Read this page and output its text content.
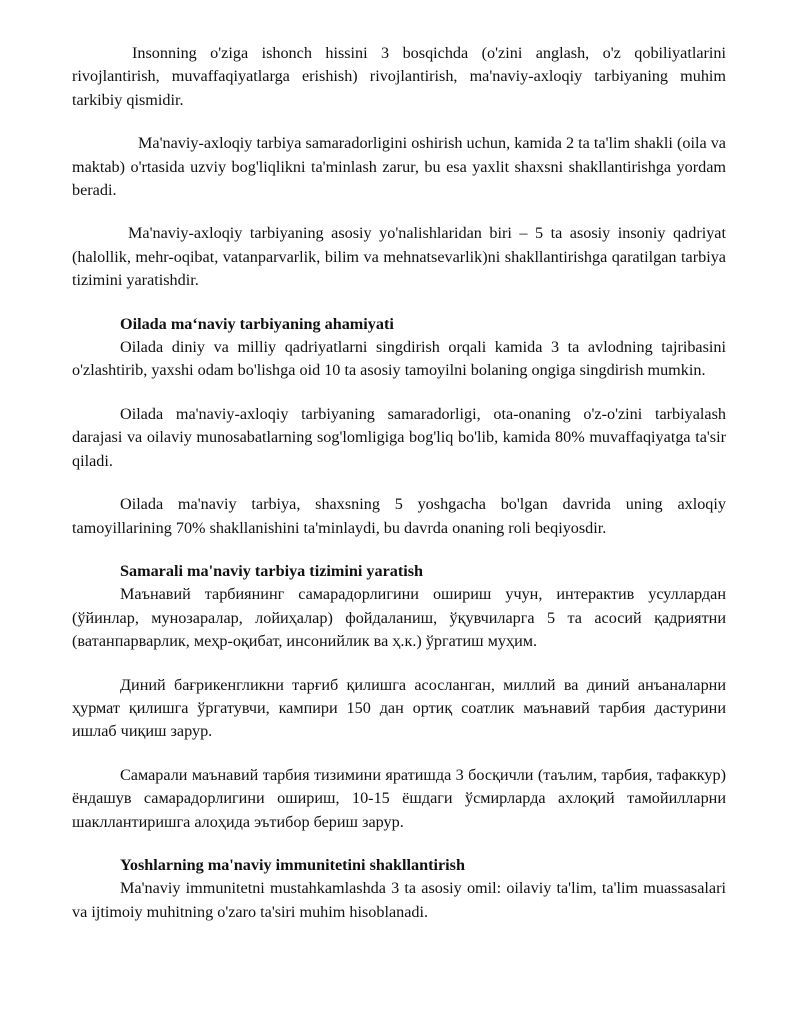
Insonning o'ziga ishonch hissini 3 bosqichda (o'zini anglash, o'z qobiliyatlarini rivojlantirish, muvaffaqiyatlarga erishish) rivojlantirish, ma'naviy-axloqiy tarbiyaning muhim tarkibiy qismidir.

Ma'naviy-axloqiy tarbiya samaradorligini oshirish uchun, kamida 2 ta ta'lim shakli (oila va maktab) o'rtasida uzviy bog'liqlikni ta'minlash zarur, bu esa yaxlit shaxsni shakllantirishga yordam beradi.

Ma'naviy-axloqiy tarbiyaning asosiy yo'nalishlaridan biri – 5 ta asosiy insoniy qadriyat (halollik, mehr-oqibat, vatanparvarlik, bilim va mehnatsevarlik)ni shakllantirishga qaratilgan tarbiya tizimini yaratishdir.

Oilada maʻnaviy tarbiyaning ahamiyati

Oilada diniy va milliy qadriyatlarni singdirish orqali kamida 3 ta avlodning tajribasini o'zlashtirib, yaxshi odam bo'lishga oid 10 ta asosiy tamoyilni bolaning ongiga singdirish mumkin.

Oilada ma'naviy-axloqiy tarbiyaning samaradorligi, ota-onaning o'z-o'zini tarbiyalash darajasi va oilaviy munosabatlarning sog'lomligiga bog'liq bo'lib, kamida 80% muvaffaqiyatga ta'sir qiladi.

Oilada ma'naviy tarbiya, shaxsning 5 yoshgacha bo'lgan davrida uning axloqiy tamoyillarining 70% shakllanishini ta'minlaydi, bu davrda onaning roli beqiyosdir.

Samarali ma'naviy tarbiya tizimini yaratish

Маънавий тарбиянинг самарадорлигини ошириш учун, интерактив усуллардан (ўйинлар, мунозаралар, лойиҳалар) фойдаланиш, ўқувчиларга 5 та асосий қадриятни (ватанпарварлик, меҳр-оқибат, инсонийлик ва ҳ.к.) ўргатиш муҳим.

Диний бағрикенгликни тарғиб қилишга асосланган, миллий ва диний анъаналарни ҳурмат қилишга ўргатувчи, кампири 150 дан ортиқ соатлик маънавий тарбия дастурини ишлаб чиқиш зарур.

Самарали маънавий тарбия тизимини яратишда 3 босқичли (таълим, тарбия, тафаккур) ёндашув самарадорлигини ошириш, 10-15 ёшдаги ўсмирларда ахлоқий тамойилларни шакллантиришга алоҳида эътибор бериш зарур.

Yoshlarning ma'naviy immunitetini shakllantirish

Ma'naviy immunitetni mustahkamlashda 3 ta asosiy omil: oilaviy ta'lim, ta'lim muassasalari va ijtimoiy muhitning o'zaro ta'siri muhim hisoblanadi.
